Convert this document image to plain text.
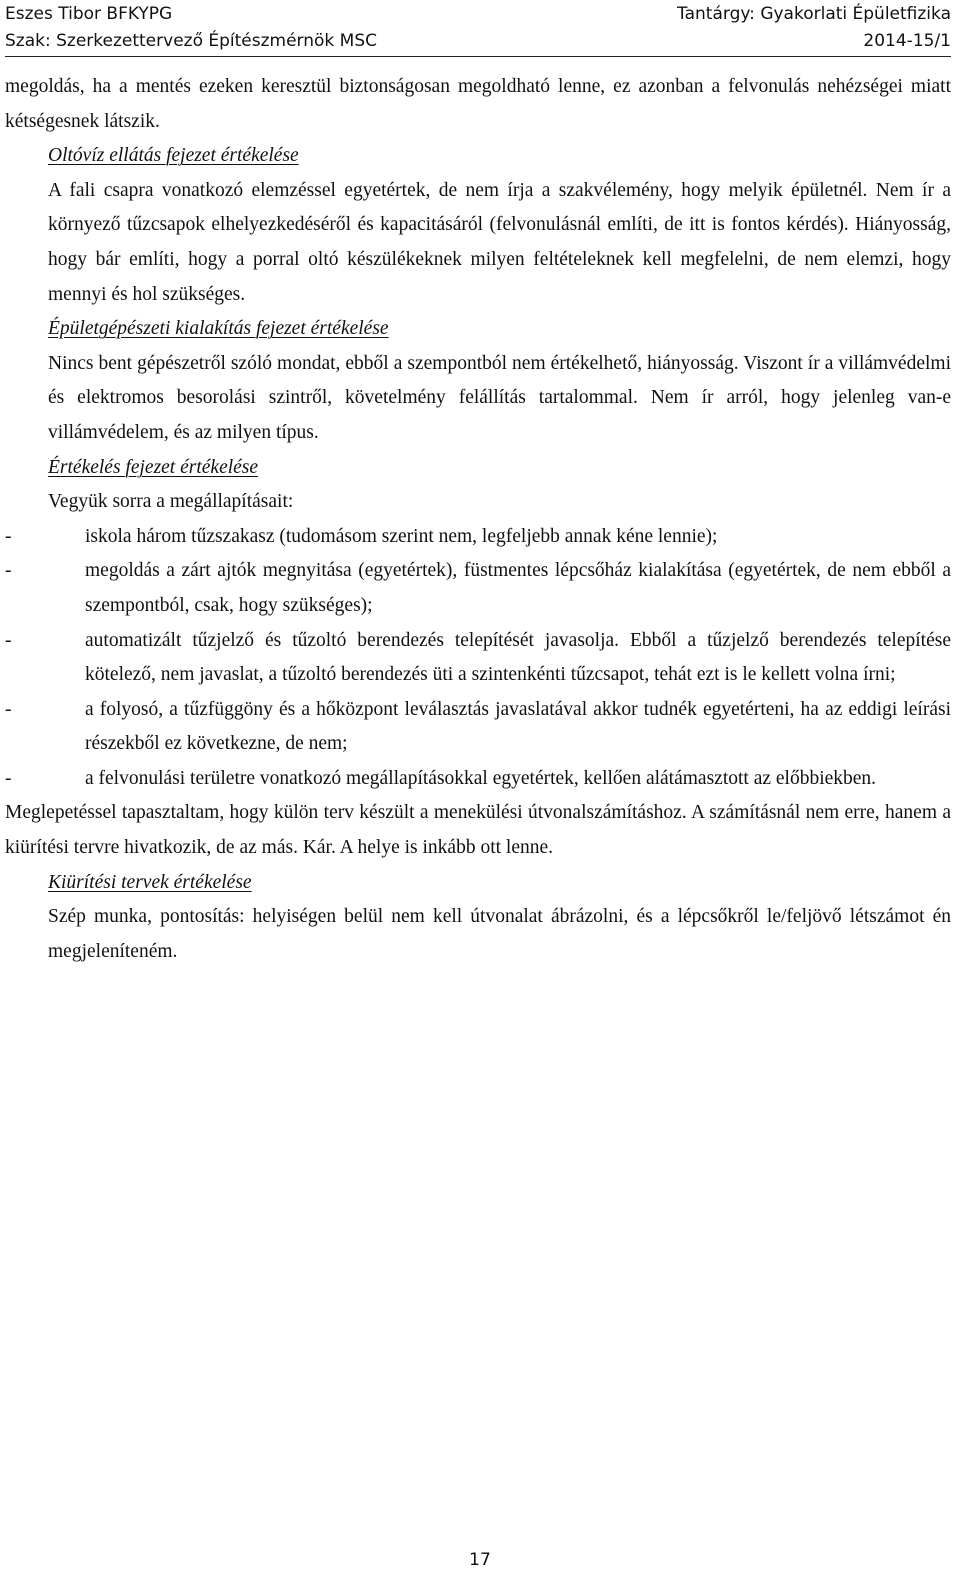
Eszes Tibor BFKYPG	Tantárgy: Gyakorlati Épületfizika
Szak: Szerkezettervező Építészmérnök MSC	2014-15/1

megoldás, ha a mentés ezeken keresztül biztonságosan megoldható lenne, ez azonban a felvonulás nehézségei miatt kétségesnek látszik.

Oltóvíz ellátás fejezet értékelése

A fali csapra vonatkozó elemzéssel egyetértek, de nem írja a szakvélemény, hogy melyik épületnél. Nem ír a környező tűzcsapok elhelyezkedéséről és kapacitásáról (felvonulásnál említi, de itt is fontos kérdés). Hiányosság, hogy bár említi, hogy a porral oltó készülékeknek milyen feltételeknek kell megfelelni, de nem elemzi, hogy mennyi és hol szükséges.

Épületgépészeti kialakítás fejezet értékelése

Nincs bent gépészetről szóló mondat, ebből a szempontból nem értékelhető, hiányosság. Viszont ír a villámvédelmi és elektromos besorolási szintről, követelmény felállítás tartalommal. Nem ír arról, hogy jelenleg van-e villámvédelem, és az milyen típus.

Értékelés fejezet értékelése

Vegyük sorra a megállapításait:

-	iskola három tűzszakasz (tudomásom szerint nem, legfeljebb annak kéne lennie);

-	megoldás a zárt ajtók megnyitása (egyetértek), füstmentes lépcsőház kialakítása (egyetértek, de nem ebből a szempontból, csak, hogy szükséges);

-	automatizált tűzjelző és tűzoltó berendezés telepítését javasolja. Ebből a tűzjelző berendezés telepítése kötelező, nem javaslat, a tűzoltó berendezés üti a szintenkénti tűzcsapot, tehát ezt is le kellett volna írni;

-	a folyosó, a tűzfüggöny és a hőközpont leválasztás javaslatával akkor tudnék egyetérteni, ha az eddigi leírási részekből ez következne, de nem;

-	a felvonulási területre vonatkozó megállapításokkal egyetértek, kellően alátámasztott az előbbiekben.

Meglepetéssel tapasztaltam, hogy külön terv készült a menekülési útvonalszámításhoz. A számításnál nem erre, hanem a kiürítési tervre hivatkozik, de az más. Kár. A helye is inkább ott lenne.

Kiürítési tervek értékelése

Szép munka, pontosítás: helyiségen belül nem kell útvonalat ábrázolni, és a lépcsőkről le/feljövő létszámot én megjeleníteném.

17
